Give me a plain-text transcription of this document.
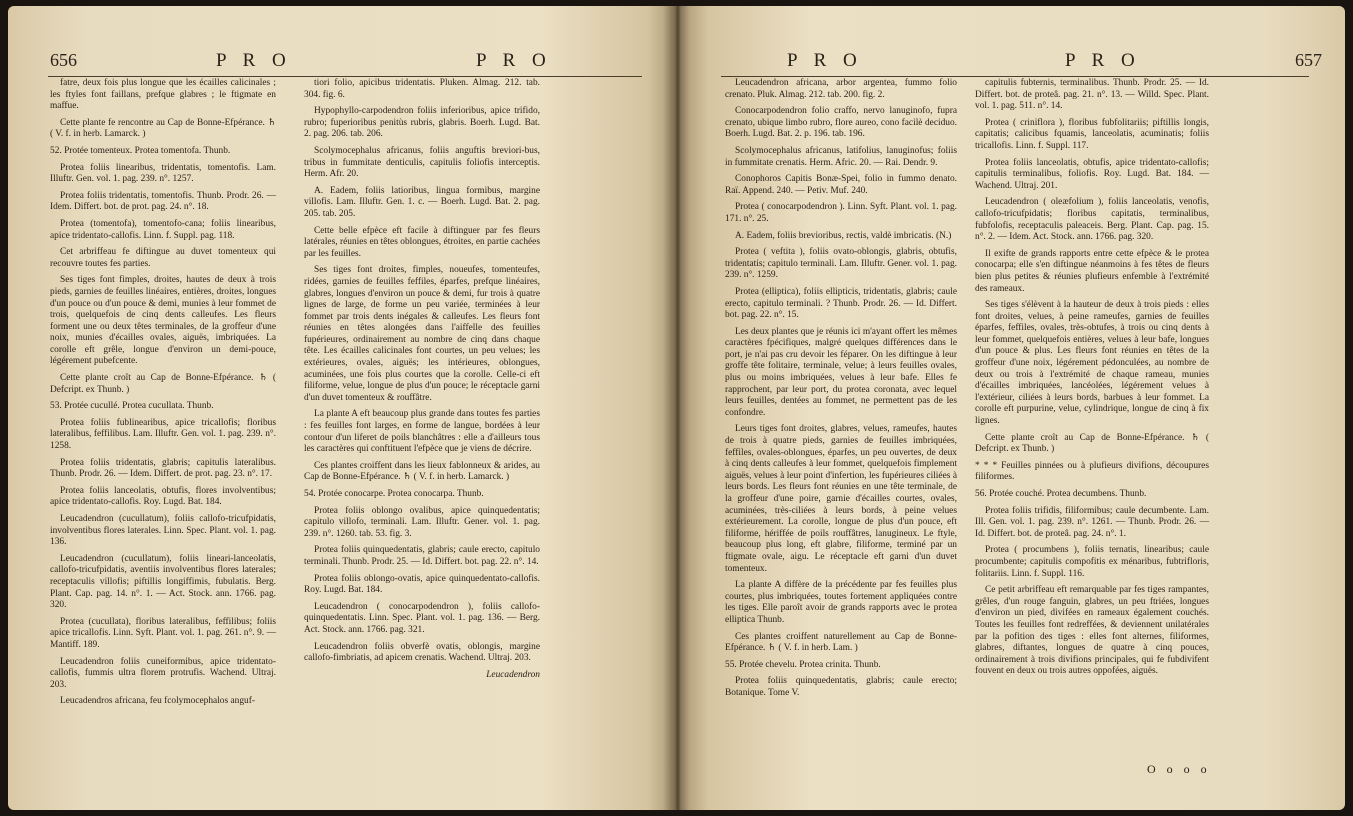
656	P R O	P R O

fatre, deux fois plus longue que les écailles calicinales ; les ftyles font faillans, prefque glabres ; le ftigmate en maffue.

Cette plante fe rencontre au Cap de Bonne-Efpérance. ♄ ( V. f. in herb. Lamarck. )

52. Protée tomenteux. Protea tomentofa. Thunb.

Protea foliis linearibus, tridentatis, tomentofis. Lam. Illuftr. Gen. vol. 1. pag. 239. n°. 1257.

Protea foliis tridentatis, tomentofis. Thunb. Prodr. 26. — Idem. Differt. bot. de prot. pag. 24. n°. 18.

Protea (tomentofa), tomentofo-cana; foliis linearibus, apice tridentato-callofis. Linn. f. Suppl. pag. 118.

Cet arbriffeau fe diftingue au duvet tomenteux qui recouvre toutes fes parties.

Ses tiges font fimples, droites, hautes de deux à trois pieds, garnies de feuilles linéaires, entières, droites, longues d'un pouce ou d'un pouce & demi, munies à leur fommet de trois, quelquefois de cinq dents calleufes. Les fleurs forment une ou deux têtes terminales, de la groffeur d'une noix, munies d'écailles ovales, aiguës, imbriquées. La corolle eft grêle, longue d'environ un demi-pouce, légérement pubefcente.

Cette plante croît au Cap de Bonne-Efpérance. ♄ ( Defcript. ex Thunb. )

53. Protée cucullé. Protea cucullata. Thunb.

Protea foliis fublinearibus, apice tricallofis; floribus lateralibus, feffilibus. Lam. Illuftr. Gen. vol. 1. pag. 239. n°. 1258.

Protea foliis tridentatis, glabris; capitulis lateralibus. Thunb. Prodr. 26. — Idem. Differt. de prot. pag. 23. n°. 17.

Protea foliis lanceolatis, obtufis, flores involventibus; apice tridentato-callofis. Roy. Lugd. Bat. 184.

Leucadendron (cucullatum), foliis callofo-tricufpidatis, involventibus flores laterales. Linn. Spec. Plant. vol. 1. pag. 136.

Leucadendron (cucullatum), foliis lineari-lanceolatis, callofo-tricufpidatis, aventiis involventibus flores laterales; receptaculis villofis; piftillis longiffimis, fubulatis. Berg. Plant. Cap. pag. 14. n°. 1. — Act. Stock. ann. 1766. pag. 320.

Protea (cucullata), floribus lateralibus, feffilibus; foliis apice tricallofis. Linn. Syft. Plant. vol. 1. pag. 261. n°. 9. — Mantiff. 189.

Leucadendron foliis cuneiformibus, apice tridentato-callofis, fummis ultra florem protrufis. Wachend. Ultraj. 203.

Leucadendros africana, feu fcolymocephalos anguf-

tiori folio, apicibus tridentatis. Pluken. Almag. 212. tab. 304. fig. 6.

Hypophyllo-carpodendron foliis inferioribus, apice trifido, rubro; fuperioribus penitùs rubris, glabris. Boerh. Lugd. Bat. 2. pag. 206. tab. 206.

Scolymocephalus africanus, foliis anguftis breviori-bus, tribus in fummitate denticulis, capitulis foliofis interceptis. Herm. Afr. 20.

A. Eadem, foliis latioribus, lingua formibus, margine villofis. Lam. Illuftr. Gen. 1. c. — Boerh. Lugd. Bat. 2. pag. 205. tab. 205.

Cette belle efpèce eft facile à diftinguer par fes fleurs latérales, réunies en têtes oblongues, étroites, en partie cachées par les feuilles.

Ses tiges font droites, fimples, noueufes, tomenteufes, ridées, garnies de feuilles feffiles, éparfes, prefque linéaires, glabres, longues d'environ un pouce & demi, fur trois à quatre lignes de large, de forme un peu variée, terminées à leur fommet par trois dents inégales & calleufes. Les fleurs font réunies en têtes alongées dans l'aiffelle des feuilles fupérieures, ordinairement au nombre de cinq dans chaque tête. Les écailles calicinales font courtes, un peu velues; les extérieures, ovales, aiguës; les intérieures, oblongues, acuminées, une fois plus courtes que la corolle. Celle-ci eft filiforme, velue, longue de plus d'un pouce; le réceptacle garni d'un duvet tomenteux & rouffâtre.

La plante A eft beaucoup plus grande dans toutes fes parties : fes feuilles font larges, en forme de langue, bordées à leur contour d'un liferet de poils blanchâtres : elle a d'ailleurs tous les caractères qui conftituent l'efpèce que je viens de décrire.

Ces plantes croiffent dans les lieux fablonneux & arides, au Cap de Bonne-Efpérance. ♄ ( V. f. in herb. Lamarck. )

54. Protée conocarpe. Protea conocarpa. Thunb.

Protea foliis oblongo ovalibus, apice quinquedentatis; capitulo villofo, terminali. Lam. Illuftr. Gener. vol. 1. pag. 239. n°. 1260. tab. 53. fig. 3.

Protea foliis quinquedentatis, glabris; caule erecto, capitulo terminali. Thunb. Prodr. 25. — Id. Differt. bot. pag. 22. n°. 14.

Protea foliis oblongo-ovatis, apice quinquedentato-callofis. Roy. Lugd. Bat. 184.

Leucadendron ( conocarpodendron ), foliis callofo-quinquedentatis. Linn. Spec. Plant. vol. 1. pag. 136. — Berg. Act. Stock. ann. 1766. pag. 321.

Leucadendron foliis obverfè ovatis, oblongis, margine callofo-fimbriatis, ad apicem crenatis. Wachend. Ultraj. 203.

Leucadendron

P R O	P R O	657

Leucadendron africana, arbor argentea, fummo folio crenato. Pluk. Almag. 212. tab. 200. fig. 2.

Conocarpodendron folio craffo, nervo lanuginofo, fupra crenato, ubique limbo rubro, flore aureo, cono facilè deciduo. Boerh. Lugd. Bat. 2. p. 196. tab. 196.

Scolymocephalus africanus, latifolius, lanuginofus; foliis in fummitate crenatis. Herm. Afric. 20. — Rai. Dendr. 9.

Conophoros Capitis Bonæ-Spei, folio in fummo denato. Raï. Append. 240. — Petiv. Muf. 240.

Protea ( conocarpodendron ). Linn. Syft. Plant. vol. 1. pag. 171. n°. 25.

A. Eadem, foliis brevioribus, rectis, valdè imbricatis. (N.)

Protea ( veftita ), foliis ovato-oblongis, glabris, obtufis, tridentatis; capitulo terminali. Lam. Illuftr. Gener. vol. 1. pag. 239. n°. 1259.

Protea (elliptica), foliis ellipticis, tridentatis, glabris; caule erecto, capitulo terminali. ? Thunb. Prodr. 26. — Id. Differt. bot. pag. 22. n°. 15.

Les deux plantes que je réunis ici m'ayant offert les mêmes caractères fpécifiques, malgré quelques différences dans le port, je n'ai pas cru devoir les féparer. On les diftingue à leur groffe tête folitaire, terminale, velue; à leurs feuilles ovales, plus ou moins imbriquées, velues à leur bafe. Elles fe rapprochent, par leur port, du protea coronata, avec lequel leurs feuilles, dentées au fommet, ne permettent pas de les confondre.

Leurs tiges font droites, glabres, velues, rameufes, hautes de trois à quatre pieds, garnies de feuilles imbriquées, feffiles, ovales-oblongues, éparfes, un peu ouvertes, de deux à cinq dents calleufes à leur fommet, quelquefois fimplement aiguës, velues à leur point d'infertion, les fupérieures ciliées à leurs bords. Les fleurs font réunies en une tête terminale, de la groffeur d'une poire, garnie d'écailles courtes, ovales, acuminées, très-ciliées à leurs bords, à peine velues extérieurement. La corolle, longue de plus d'un pouce, eft filiforme, hériffée de poils rouffâtres, lanugineux. Le ftyle, beaucoup plus long, eft glabre, filiforme, terminé par un ftigmate ovale, aigu. Le réceptacle eft garni d'un duvet tomenteux.

La plante A diffère de la précédente par fes feuilles plus courtes, plus imbriquées, toutes fortement appliquées contre les tiges. Elle paroît avoir de grands rapports avec le protea elliptica Thunb.

Ces plantes croiffent naturellement au Cap de Bonne-Efpérance. ♄ ( V. f. in herb. Lam. )

55. Protée chevelu. Protea crinita. Thunb.

Protea foliis quinquedentatis, glabris; caule erecto; Botanique. Tome V.

capitulis fubternis, terminalibus. Thunb. Prodr. 25. — Id. Differt. bot. de proteâ. pag. 21. n°. 13. — Willd. Spec. Plant. vol. 1. pag. 511. n°. 14.

Protea ( criniflora ), floribus fubfolitariis; piftillis longis, capitatis; calicibus fquamis, lanceolatis, acuminatis; foliis tricallofis. Linn. f. Suppl. 117.

Protea foliis lanceolatis, obtufis, apice tridentato-callofis; capitulis terminalibus, foliofis. Roy. Lugd. Bat. 184. — Wachend. Ultraj. 201.

Leucadendron ( oleæfolium ), foliis lanceolatis, venofis, callofo-tricufpidatis; floribus capitatis, terminalibus, fubfolofis, receptaculis paleaceis. Berg. Plant. Cap. pag. 15. n°. 2. — Idem. Act. Stock. ann. 1766. pag. 320.

Il exifte de grands rapports entre cette efpèce & le protea conocarpa; elle s'en diftingue néanmoins à fes têtes de fleurs bien plus petites & réunies plufieurs enfemble à l'extrémité des rameaux.

Ses tiges s'élèvent à la hauteur de deux à trois pieds : elles font droites, velues, à peine rameufes, garnies de feuilles éparfes, feffiles, ovales, très-obtufes, à trois ou cinq dents à leur fommet, quelquefois entières, velues à leur bafe, longues d'un pouce & plus. Les fleurs font réunies en têtes de la groffeur d'une noix, légérement pédonculées, au nombre de deux ou trois à l'extrémité de chaque rameau, munies d'écailles imbriquées, lancéolées, légérement velues à l'extérieur, ciliées à leurs bords, barbues à leur fommet. La corolle eft purpurine, velue, cylindrique, longue de cinq à fix lignes.

Cette plante croît au Cap de Bonne-Efpérance. ♄ ( Defcript. ex Thunb. )

* * * Feuilles pinnées ou à plufieurs divifions, découpures filiformes.

56. Protée couché. Protea decumbens. Thunb.

Protea foliis trifidis, filiformibus; caule decumbente. Lam. Ill. Gen. vol. 1. pag. 239. n°. 1261. — Thunb. Prodr. 26. — Id. Differt. bot. de proteâ. pag. 24. n°. 1.

Protea ( procumbens ), foliis ternatis, linearibus; caule procumbente; capitulis compofitis ex ménaribus, fubtrifloris, folitariis. Linn. f. Suppl. 116.

Ce petit arbriffeau eft remarquable par fes tiges rampantes, grêles, d'un rouge fanguin, glabres, un peu ftriées, longues d'environ un pied, divifées en rameaux également couchés. Toutes les feuilles font redreffées, & deviennent unilatérales par la pofition des tiges : elles font alternes, filiformes, glabres, diftantes, longues de quatre à cinq pouces, ordinairement à trois divifions principales, qui fe fubdivifent fouvent en deux ou trois autres oppofées, aiguës.

O o o o
